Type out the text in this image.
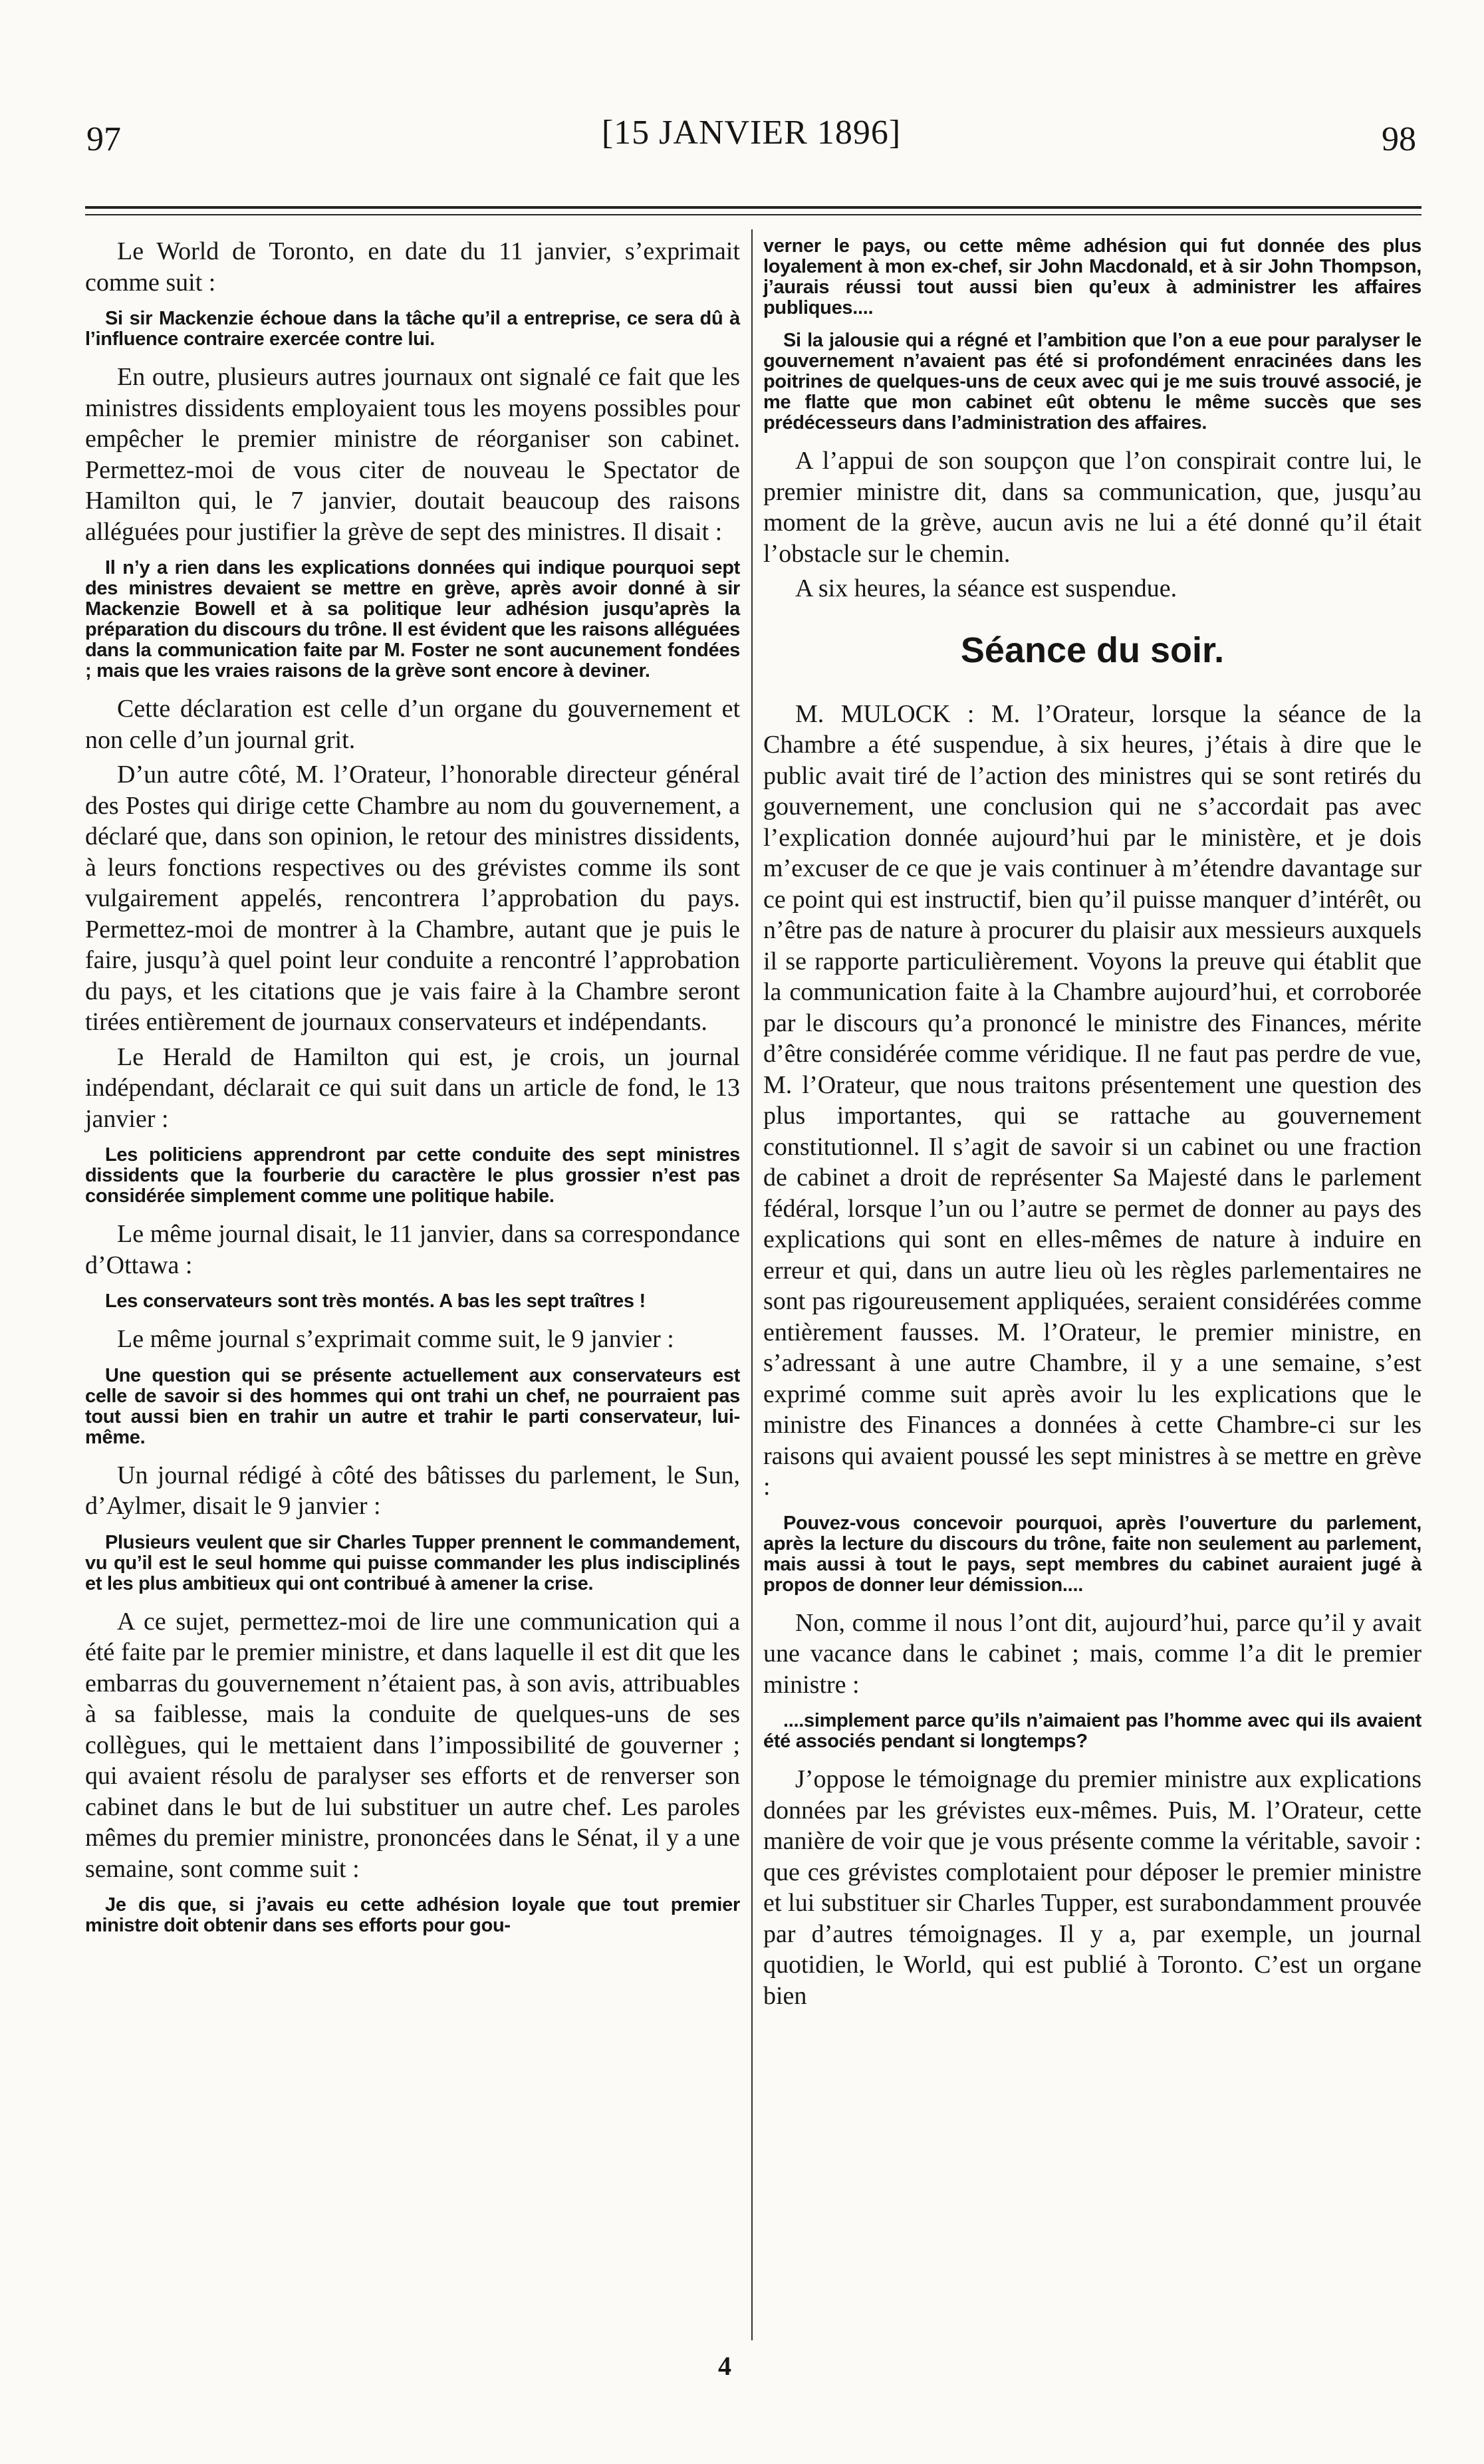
97	[15 JANVIER 1896]	98
Le World de Toronto, en date du 11 janvier, s’exprimait comme suit :
Si sir Mackenzie échoue dans la tâche qu’il a entreprise, ce sera dû à l’influence contraire exercée contre lui.
En outre, plusieurs autres journaux ont signalé ce fait que les ministres dissidents employaient tous les moyens possibles pour empêcher le premier ministre de réorganiser son cabinet. Permettez-moi de vous citer de nouveau le Spectator de Hamilton qui, le 7 janvier, doutait beaucoup des raisons alléguées pour justifier la grève de sept des ministres. Il disait :
Il n’y a rien dans les explications données qui indique pourquoi sept des ministres devaient se mettre en grève, après avoir donné à sir Mackenzie Bowell et à sa politique leur adhésion jusqu’après la préparation du discours du trône. Il est évident que les raisons alléguées dans la communication faite par M. Foster ne sont aucunement fondées ; mais que les vraies raisons de la grève sont encore à deviner.
Cette déclaration est celle d’un organe du gouvernement et non celle d’un journal grit.
D’un autre côté, M. l’Orateur, l’honorable directeur général des Postes qui dirige cette Chambre au nom du gouvernement, a déclaré que, dans son opinion, le retour des ministres dissidents, à leurs fonctions respectives ou des grévistes comme ils sont vulgairement appelés, rencontrera l’approbation du pays. Permettez-moi de montrer à la Chambre, autant que je puis le faire, jusqu’à quel point leur conduite a rencontré l’approbation du pays, et les citations que je vais faire à la Chambre seront tirées entièrement de journaux conservateurs et indépendants.
Le Herald de Hamilton qui est, je crois, un journal indépendant, déclarait ce qui suit dans un article de fond, le 13 janvier :
Les politiciens apprendront par cette conduite des sept ministres dissidents que la fourberie du caractère le plus grossier n’est pas considérée simplement comme une politique habile.
Le même journal disait, le 11 janvier, dans sa correspondance d’Ottawa :
Les conservateurs sont très montés. A bas les sept traîtres !
Le même journal s’exprimait comme suit, le 9 janvier :
Une question qui se présente actuellement aux conservateurs est celle de savoir si des hommes qui ont trahi un chef, ne pourraient pas tout aussi bien en trahir un autre et trahir le parti conservateur, lui-même.
Un journal rédigé à côté des bâtisses du parlement, le Sun, d’Aylmer, disait le 9 janvier :
Plusieurs veulent que sir Charles Tupper prennent le commandement, vu qu’il est le seul homme qui puisse commander les plus indisciplinés et les plus ambitieux qui ont contribué à amener la crise.
A ce sujet, permettez-moi de lire une communication qui a été faite par le premier ministre, et dans laquelle il est dit que les embarras du gouvernement n’étaient pas, à son avis, attribuables à sa faiblesse, mais la conduite de quelques-uns de ses collègues, qui le mettaient dans l’impossibilité de gouverner ; qui avaient résolu de paralyser ses efforts et de renverser son cabinet dans le but de lui substituer un autre chef. Les paroles mêmes du premier ministre, prononcées dans le Sénat, il y a une semaine, sont comme suit :
Je dis que, si j’avais eu cette adhésion loyale que tout premier ministre doit obtenir dans ses efforts pour gou-
verner le pays, ou cette même adhésion qui fut donnée des plus loyalement à mon ex-chef, sir John Macdonald, et à sir John Thompson, j’aurais réussi tout aussi bien qu’eux à administrer les affaires publiques....
Si la jalousie qui a régné et l’ambition que l’on a eue pour paralyser le gouvernement n’avaient pas été si profondément enracinées dans les poitrines de quelques-uns de ceux avec qui je me suis trouvé associé, je me flatte que mon cabinet eût obtenu le même succès que ses prédécesseurs dans l’administration des affaires.
A l’appui de son soupçon que l’on conspirait contre lui, le premier ministre dit, dans sa communication, que, jusqu’au moment de la grève, aucun avis ne lui a été donné qu’il était l’obstacle sur le chemin.
A six heures, la séance est suspendue.
Séance du soir.
M. MULOCK : M. l’Orateur, lorsque la séance de la Chambre a été suspendue, à six heures, j’étais à dire que le public avait tiré de l’action des ministres qui se sont retirés du gouvernement, une conclusion qui ne s’accordait pas avec l’explication donnée aujourd’hui par le ministère, et je dois m’excuser de ce que je vais continuer à m’étendre davantage sur ce point qui est instructif, bien qu’il puisse manquer d’intérêt, ou n’être pas de nature à procurer du plaisir aux messieurs auxquels il se rapporte particulièrement. Voyons la preuve qui établit que la communication faite à la Chambre aujourd’hui, et corroborée par le discours qu’a prononcé le ministre des Finances, mérite d’être considérée comme véridique. Il ne faut pas perdre de vue, M. l’Orateur, que nous traitons présentement une question des plus importantes, qui se rattache au gouvernement constitutionnel. Il s’agit de savoir si un cabinet ou une fraction de cabinet a droit de représenter Sa Majesté dans le parlement fédéral, lorsque l’un ou l’autre se permet de donner au pays des explications qui sont en elles-mêmes de nature à induire en erreur et qui, dans un autre lieu où les règles parlementaires ne sont pas rigoureusement appliquées, seraient considérées comme entièrement fausses. M. l’Orateur, le premier ministre, en s’adressant à une autre Chambre, il y a une semaine, s’est exprimé comme suit après avoir lu les explications que le ministre des Finances a données à cette Chambre-ci sur les raisons qui avaient poussé les sept ministres à se mettre en grève :
Pouvez-vous concevoir pourquoi, après l’ouverture du parlement, après la lecture du discours du trône, faite non seulement au parlement, mais aussi à tout le pays, sept membres du cabinet auraient jugé à propos de donner leur démission....
Non, comme il nous l’ont dit, aujourd’hui, parce qu’il y avait une vacance dans le cabinet ; mais, comme l’a dit le premier ministre :
....simplement parce qu’ils n’aimaient pas l’homme avec qui ils avaient été associés pendant si longtemps?
J’oppose le témoignage du premier ministre aux explications données par les grévistes eux-mêmes. Puis, M. l’Orateur, cette manière de voir que je vous présente comme la véritable, savoir : que ces grévistes complotaient pour déposer le premier ministre et lui substituer sir Charles Tupper, est surabondamment prouvée par d’autres témoignages. Il y a, par exemple, un journal quotidien, le World, qui est publié à Toronto. C’est un organe bien
4
